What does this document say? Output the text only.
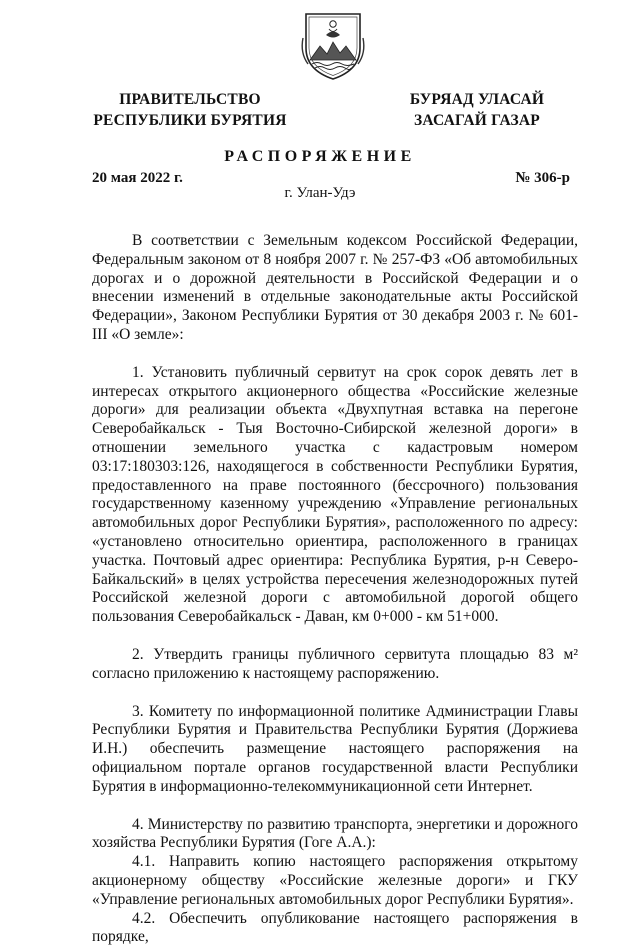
ПРАВИТЕЛЬСТВО
РЕСПУБЛИКИ БУРЯТИЯ
БУРЯАД УЛАСАЙ
ЗАСАГАЙ ГАЗАР
РАСПОРЯЖЕНИЕ
20 мая 2022 г.	№ 306-р
г. Улан-Удэ

В соответствии с Земельным кодексом Российской Федерации, Федеральным законом от 8 ноября 2007 г. № 257-ФЗ «Об автомобильных дорогах и о дорожной деятельности в Российской Федерации и о внесении изменений в отдельные законодательные акты Российской Федерации», Законом Республики Бурятия от 30 декабря 2003 г. № 601-III «О земле»:

1. Установить публичный сервитут на срок сорок девять лет в интересах открытого акционерного общества «Российские железные дороги» для реализации объекта «Двухпутная вставка на перегоне Северобайкальск - Тыя Восточно-Сибирской железной дороги» в отношении земельного участка с кадастровым номером 03:17:180303:126, находящегося в собственности Республики Бурятия, предоставленного на праве постоянного (бессрочного) пользования государственному казенному учреждению «Управление региональных автомобильных дорог Республики Бурятия», расположенного по адресу: «установлено относительно ориентира, расположенного в границах участка. Почтовый адрес ориентира: Республика Бурятия, р-н Северо-Байкальский» в целях устройства пересечения железнодорожных путей Российской железной дороги с автомобильной дорогой общего пользования Северобайкальск - Даван, км 0+000 - км 51+000.

2. Утвердить границы публичного сервитута площадью 83 м² согласно приложению к настоящему распоряжению.

3. Комитету по информационной политике Администрации Главы Республики Бурятия и Правительства Республики Бурятия (Доржиева И.Н.) обеспечить размещение настоящего распоряжения на официальном портале органов государственной власти Республики Бурятия в информационно-телекоммуникационной сети Интернет.

4. Министерству по развитию транспорта, энергетики и дорожного хозяйства Республики Бурятия (Гоге А.А.):

4.1. Направить копию настоящего распоряжения открытому акционерному обществу «Российские железные дороги» и ГКУ «Управление региональных автомобильных дорог Республики Бурятия».

4.2. Обеспечить опубликование настоящего распоряжения в порядке,
